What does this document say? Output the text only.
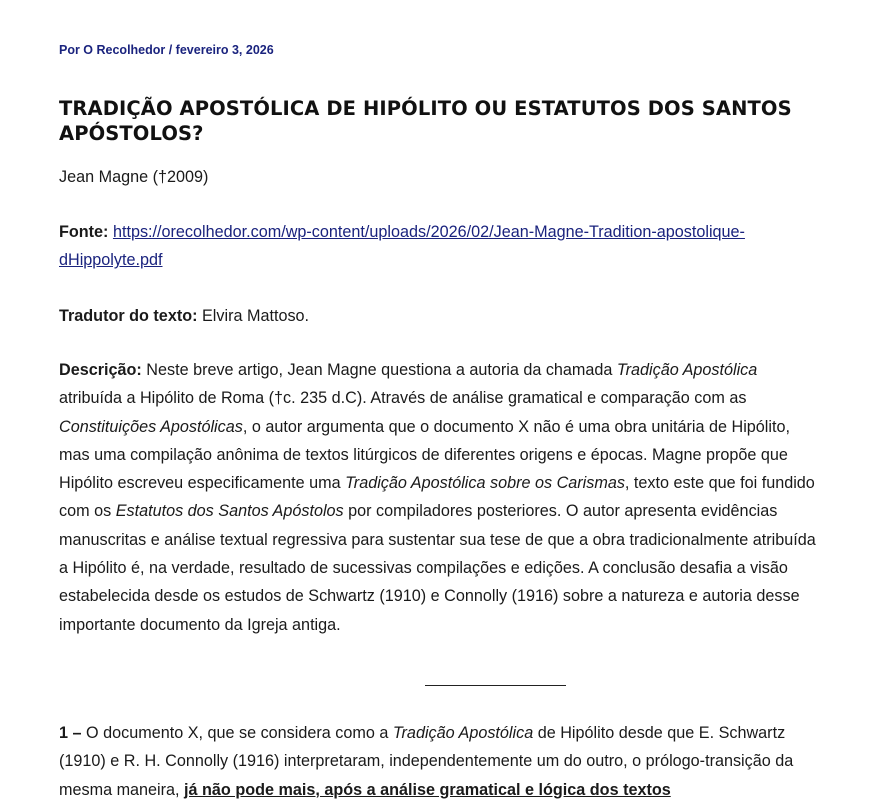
Por O Recolhedor / fevereiro 3, 2026
TRADIÇÃO APOSTÓLICA DE HIPÓLITO OU ESTATUTOS DOS SANTOS APÓSTOLOS?

Jean Magne (†2009)

Fonte: https://orecolhedor.com/wp-content/uploads/2026/02/Jean-Magne-Tradition-apostolique-dHippolyte.pdf

Tradutor do texto: Elvira Mattoso.

Descrição: Neste breve artigo, Jean Magne questiona a autoria da chamada Tradição Apostólica atribuída a Hipólito de Roma (†c. 235 d.C). Através de análise gramatical e comparação com as Constituições Apostólicas, o autor argumenta que o documento X não é uma obra unitária de Hipólito, mas uma compilação anônima de textos litúrgicos de diferentes origens e épocas. Magne propõe que Hipólito escreveu especificamente uma Tradição Apostólica sobre os Carismas, texto este que foi fundido com os Estatutos dos Santos Apóstolos por compiladores posteriores. O autor apresenta evidências manuscritas e análise textual regressiva para sustentar sua tese de que a obra tradicionalmente atribuída a Hipólito é, na verdade, resultado de sucessivas compilações e edições. A conclusão desafia a visão estabelecida desde os estudos de Schwartz (1910) e Connolly (1916) sobre a natureza e autoria desse importante documento da Igreja antiga.

1 – O documento X, que se considera como a Tradição Apostólica de Hipólito desde que E. Schwartz (1910) e R. H. Connolly (1916) interpretaram, independentemente um do outro, o prólogo-transição da mesma maneira, já não pode mais, após a análise gramatical e lógica dos textos
